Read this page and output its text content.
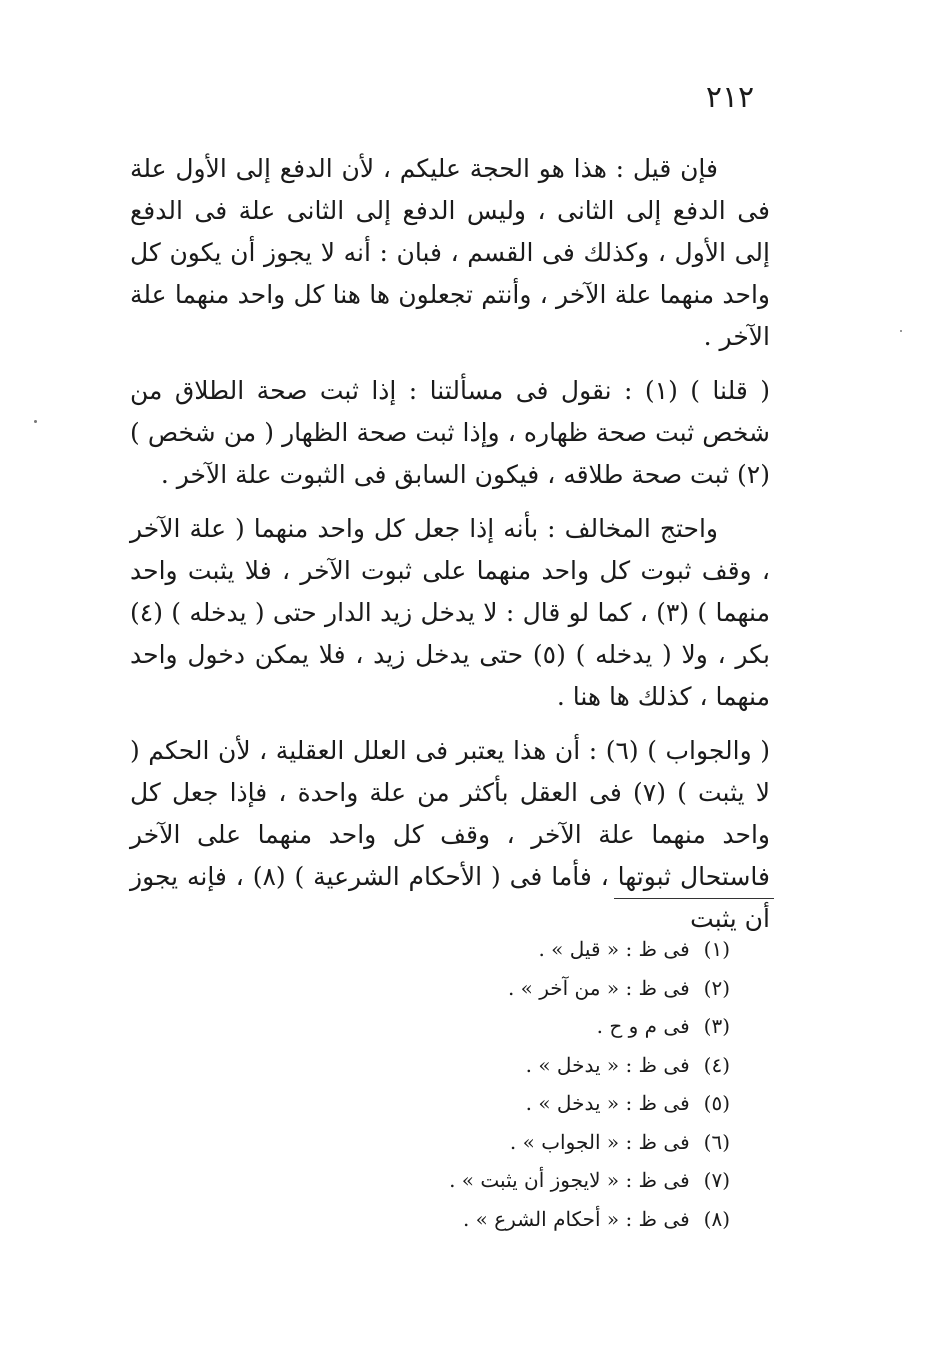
٢١٢

فإن قيل : هذا هو الحجة عليكم ، لأن الدفع إلى الأول علة فى الدفع إلى الثانى ، وليس الدفع إلى الثانى علة فى الدفع إلى الأول ، وكذلك فى القسم ، فبان : أنه لا يجوز أن يكون كل واحد منهما علة الآخر ، وأنتم تجعلون ها هنا كل واحد منهما علة الآخر .

( قلنا ) (١) : نقول فى مسألتنا : إذا ثبت صحة الطلاق من شخص ثبت صحة ظهاره ، وإذا ثبت صحة الظهار ( من شخص ) (٢) ثبت صحة طلاقه ، فيكون السابق فى الثبوت علة الآخر .

واحتج المخالف : بأنه إذا جعل كل واحد منهما ( علة الآخر ، وقف ثبوت كل واحد منهما على ثبوت الآخر ، فلا يثبت واحد منهما ) (٣) ، كما لو قال : لا يدخل زيد الدار حتى ( يدخله ) (٤) بكر ، ولا ( يدخله ) (٥) حتى يدخل زيد ، فلا يمكن دخول واحد منهما ، كذلك ها هنا .

( والجواب ) (٦) : أن هذا يعتبر فى العلل العقلية ، لأن الحكم ( لا يثبت ) (٧) فى العقل بأكثر من علة واحدة ، فإذا جعل كل واحد منهما علة الآخر ، وقف كل واحد منهما على الآخر فاستحال ثبوتها ، فأما فى ( الأحكام الشرعية ) (٨) ، فإنه يجوز أن يثبت

(١) فى ظ : « قيل » .
(٢) فى ظ : « من آخر » .
(٣) فى م و ح .
(٤) فى ظ : « يدخل » .
(٥) فى ظ : « يدخل » .
(٦) فى ظ : « الجواب » .
(٧) فى ظ : « لايجوز أن يثبت » .
(٨) فى ظ : « أحكام الشرع » .
